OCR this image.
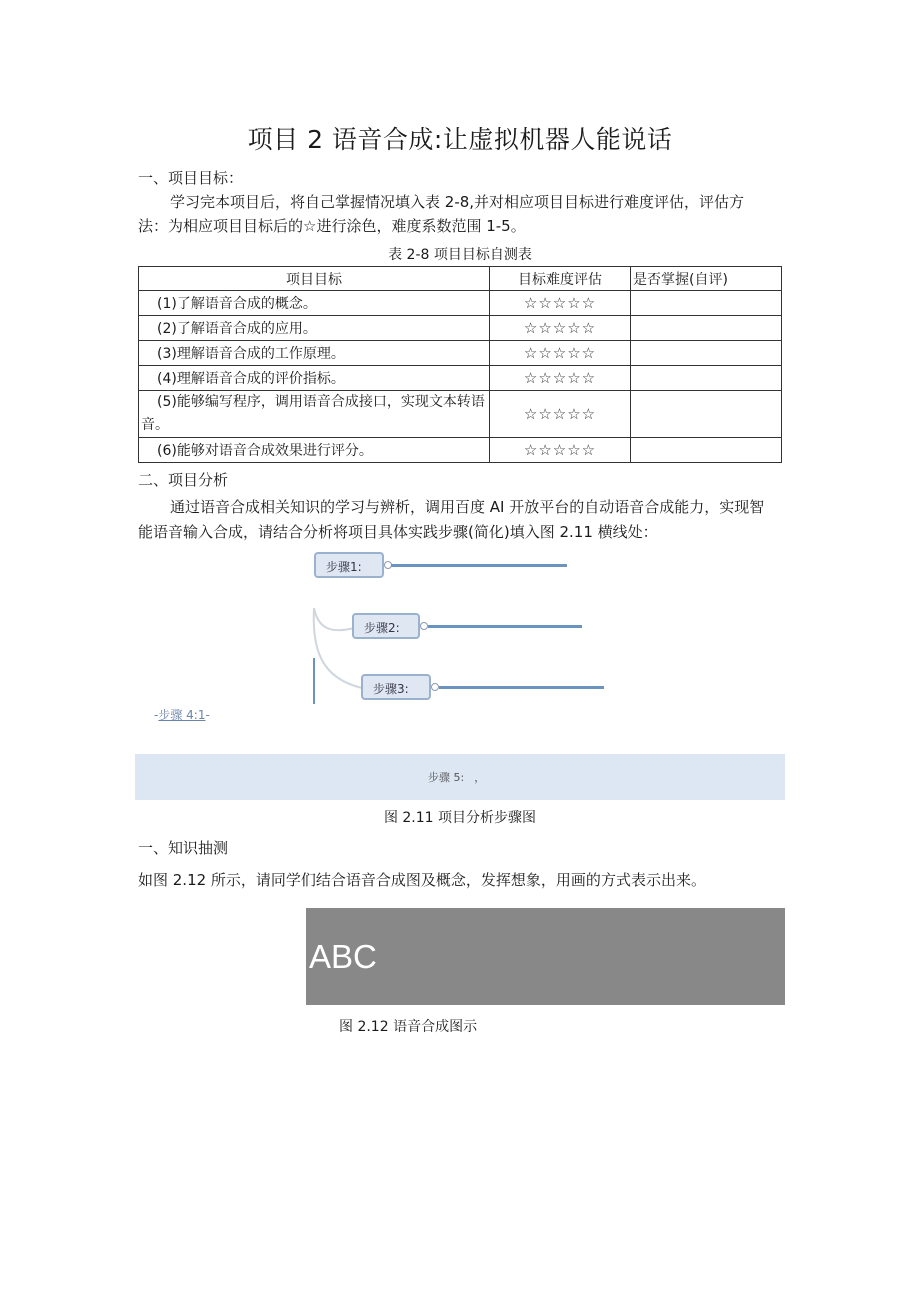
项目 2 语音合成:让虚拟机器人能说话
一、项目目标：
学习完本项目后，将自己掌握情况填入表 2-8,并对相应项目目标进行难度评估，评估方
法：为相应项目目标后的☆进行涂色，难度系数范围 1-5。
表 2-8 项目目标自测表
项目目标	目标难度评估	是否掌握(自评)
(1)了解语音合成的概念。	☆☆☆☆☆	
(2)了解语音合成的应用。	☆☆☆☆☆	
(3)理解语音合成的工作原理。	☆☆☆☆☆	
(4)理解语音合成的评价指标。	☆☆☆☆☆	
(5)能够编写程序，调用语音合成接口，实现文本转语音。	☆☆☆☆☆	
(6)能够对语音合成效果进行评分。	☆☆☆☆☆	
二、项目分析
通过语音合成相关知识的学习与辨析，调用百度 AI 开放平台的自动语音合成能力，实现智
能语音输入合成，请结合分析将项目具体实践步骤(简化)填入图 2.11 横线处：
步骤1:
步骤2:
步骤3:
-步骤 4:1-
步骤 5: ，
图 2.11 项目分析步骤图
一、知识抽测
如图 2.12 所示，请同学们结合语音合成图及概念，发挥想象，用画的方式表示出来。
ABC
图 2.12 语音合成图示
